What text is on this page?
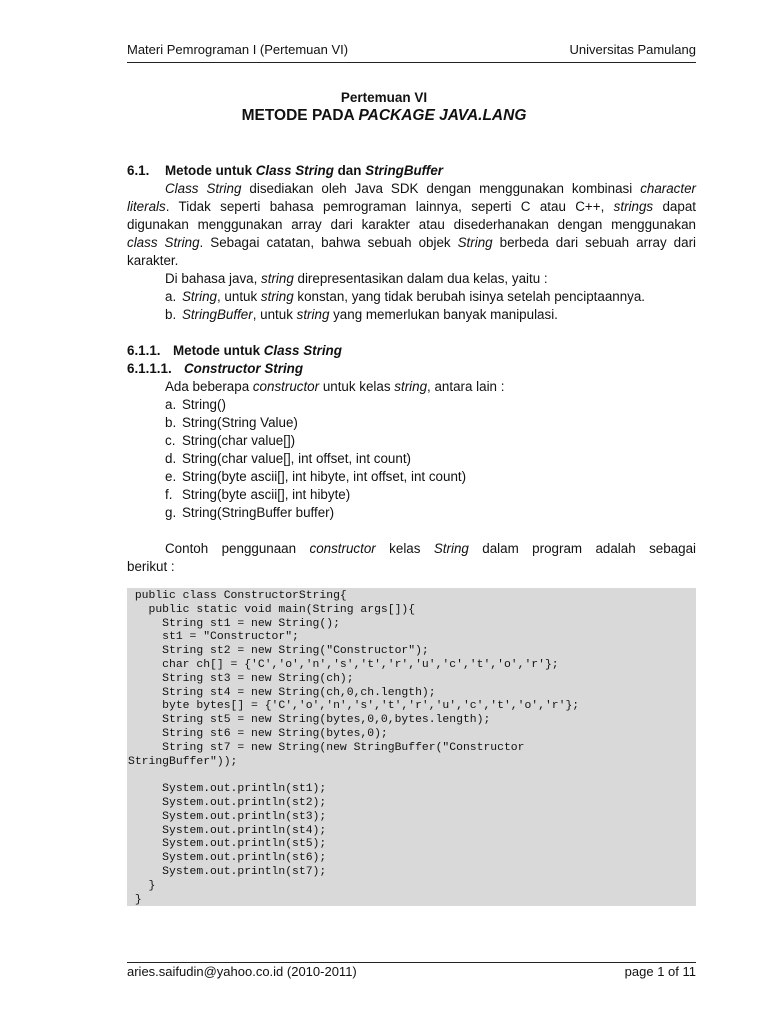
Materi Pemrograman I (Pertemuan VI)	Universitas Pamulang
Pertemuan VI
METODE PADA PACKAGE JAVA.LANG
6.1. Metode untuk Class String dan StringBuffer
Class String disediakan oleh Java SDK dengan menggunakan kombinasi character
literals. Tidak seperti bahasa pemrograman lainnya, seperti C atau C++, strings dapat
digunakan menggunakan array dari karakter atau disederhanakan dengan menggunakan
class String. Sebagai catatan, bahwa sebuah objek String berbeda dari sebuah array dari
karakter.
Di bahasa java, string direpresentasikan dalam dua kelas, yaitu :
a. String, untuk string konstan, yang tidak berubah isinya setelah penciptaannya.
b. StringBuffer, untuk string yang memerlukan banyak manipulasi.
6.1.1. Metode untuk Class String
6.1.1.1. Constructor String
Ada beberapa constructor untuk kelas string, antara lain :
a. String()
b. String(String Value)
c. String(char value[])
d. String(char value[], int offset, int count)
e. String(byte ascii[], int hibyte, int offset, int count)
f. String(byte ascii[], int hibyte)
g. String(StringBuffer buffer)
Contoh penggunaan constructor kelas String dalam program adalah sebagai
berikut :
public class ConstructorString{
public static void main(String args[]){
String st1 = new String();
st1 = "Constructor";
String st2 = new String("Constructor");
char ch[] = {'C','o','n','s','t','r','u','c','t','o','r'};
String st3 = new String(ch);
String st4 = new String(ch,0,ch.length);
byte bytes[] = {'C','o','n','s','t','r','u','c','t','o','r'};
String st5 = new String(bytes,0,0,bytes.length);
String st6 = new String(bytes,0);
String st7 = new String(new StringBuffer("Constructor
StringBuffer"));

System.out.println(st1);
System.out.println(st2);
System.out.println(st3);
System.out.println(st4);
System.out.println(st5);
System.out.println(st6);
System.out.println(st7);
}
}
aries.saifudin@yahoo.co.id (2010-2011)	page 1 of 11
